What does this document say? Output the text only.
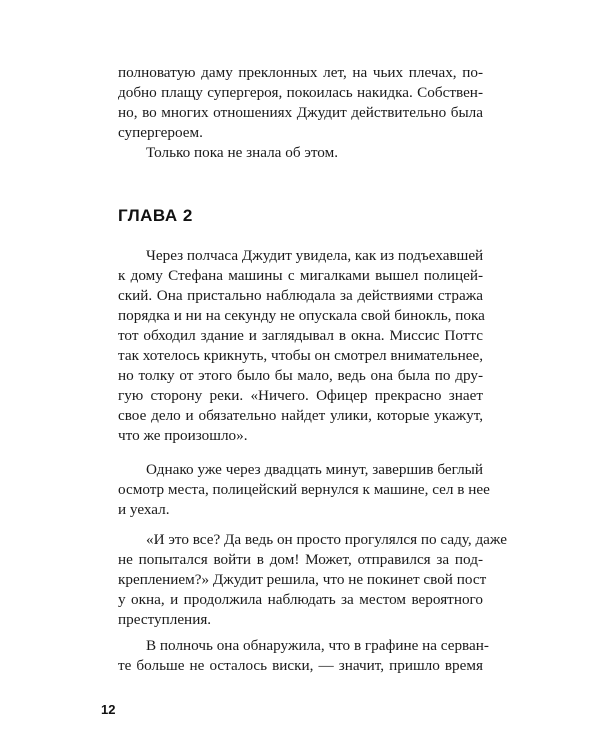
полноватую даму преклонных лет, на чьих плечах, по-
добно плащу супергероя, покоилась накидка. Собствен-
но, во многих отношениях Джудит действительно была
супергероем.
Только пока не знала об этом.
ГЛАВА 2
Через полчаса Джудит увидела, как из подъехавшей
к дому Стефана машины с мигалками вышел полицей-
ский. Она пристально наблюдала за действиями стража
порядка и ни на секунду не опускала свой бинокль, пока
тот обходил здание и заглядывал в окна. Миссис Поттс
так хотелось крикнуть, чтобы он смотрел внимательнее,
но толку от этого было бы мало, ведь она была по дру-
гую сторону реки. «Ничего. Офицер прекрасно знает
свое дело и обязательно найдет улики, которые укажут,
что же произошло».
Однако уже через двадцать минут, завершив беглый
осмотр места, полицейский вернулся к машине, сел в нее
и уехал.
«И это все? Да ведь он просто прогулялся по саду, даже
не попытался войти в дом! Может, отправился за под-
креплением?» Джудит решила, что не покинет свой пост
у окна, и продолжила наблюдать за местом вероятного
преступления.
В полночь она обнаружила, что в графине на серван-
те больше не осталось виски, — значит, пришло время
12
